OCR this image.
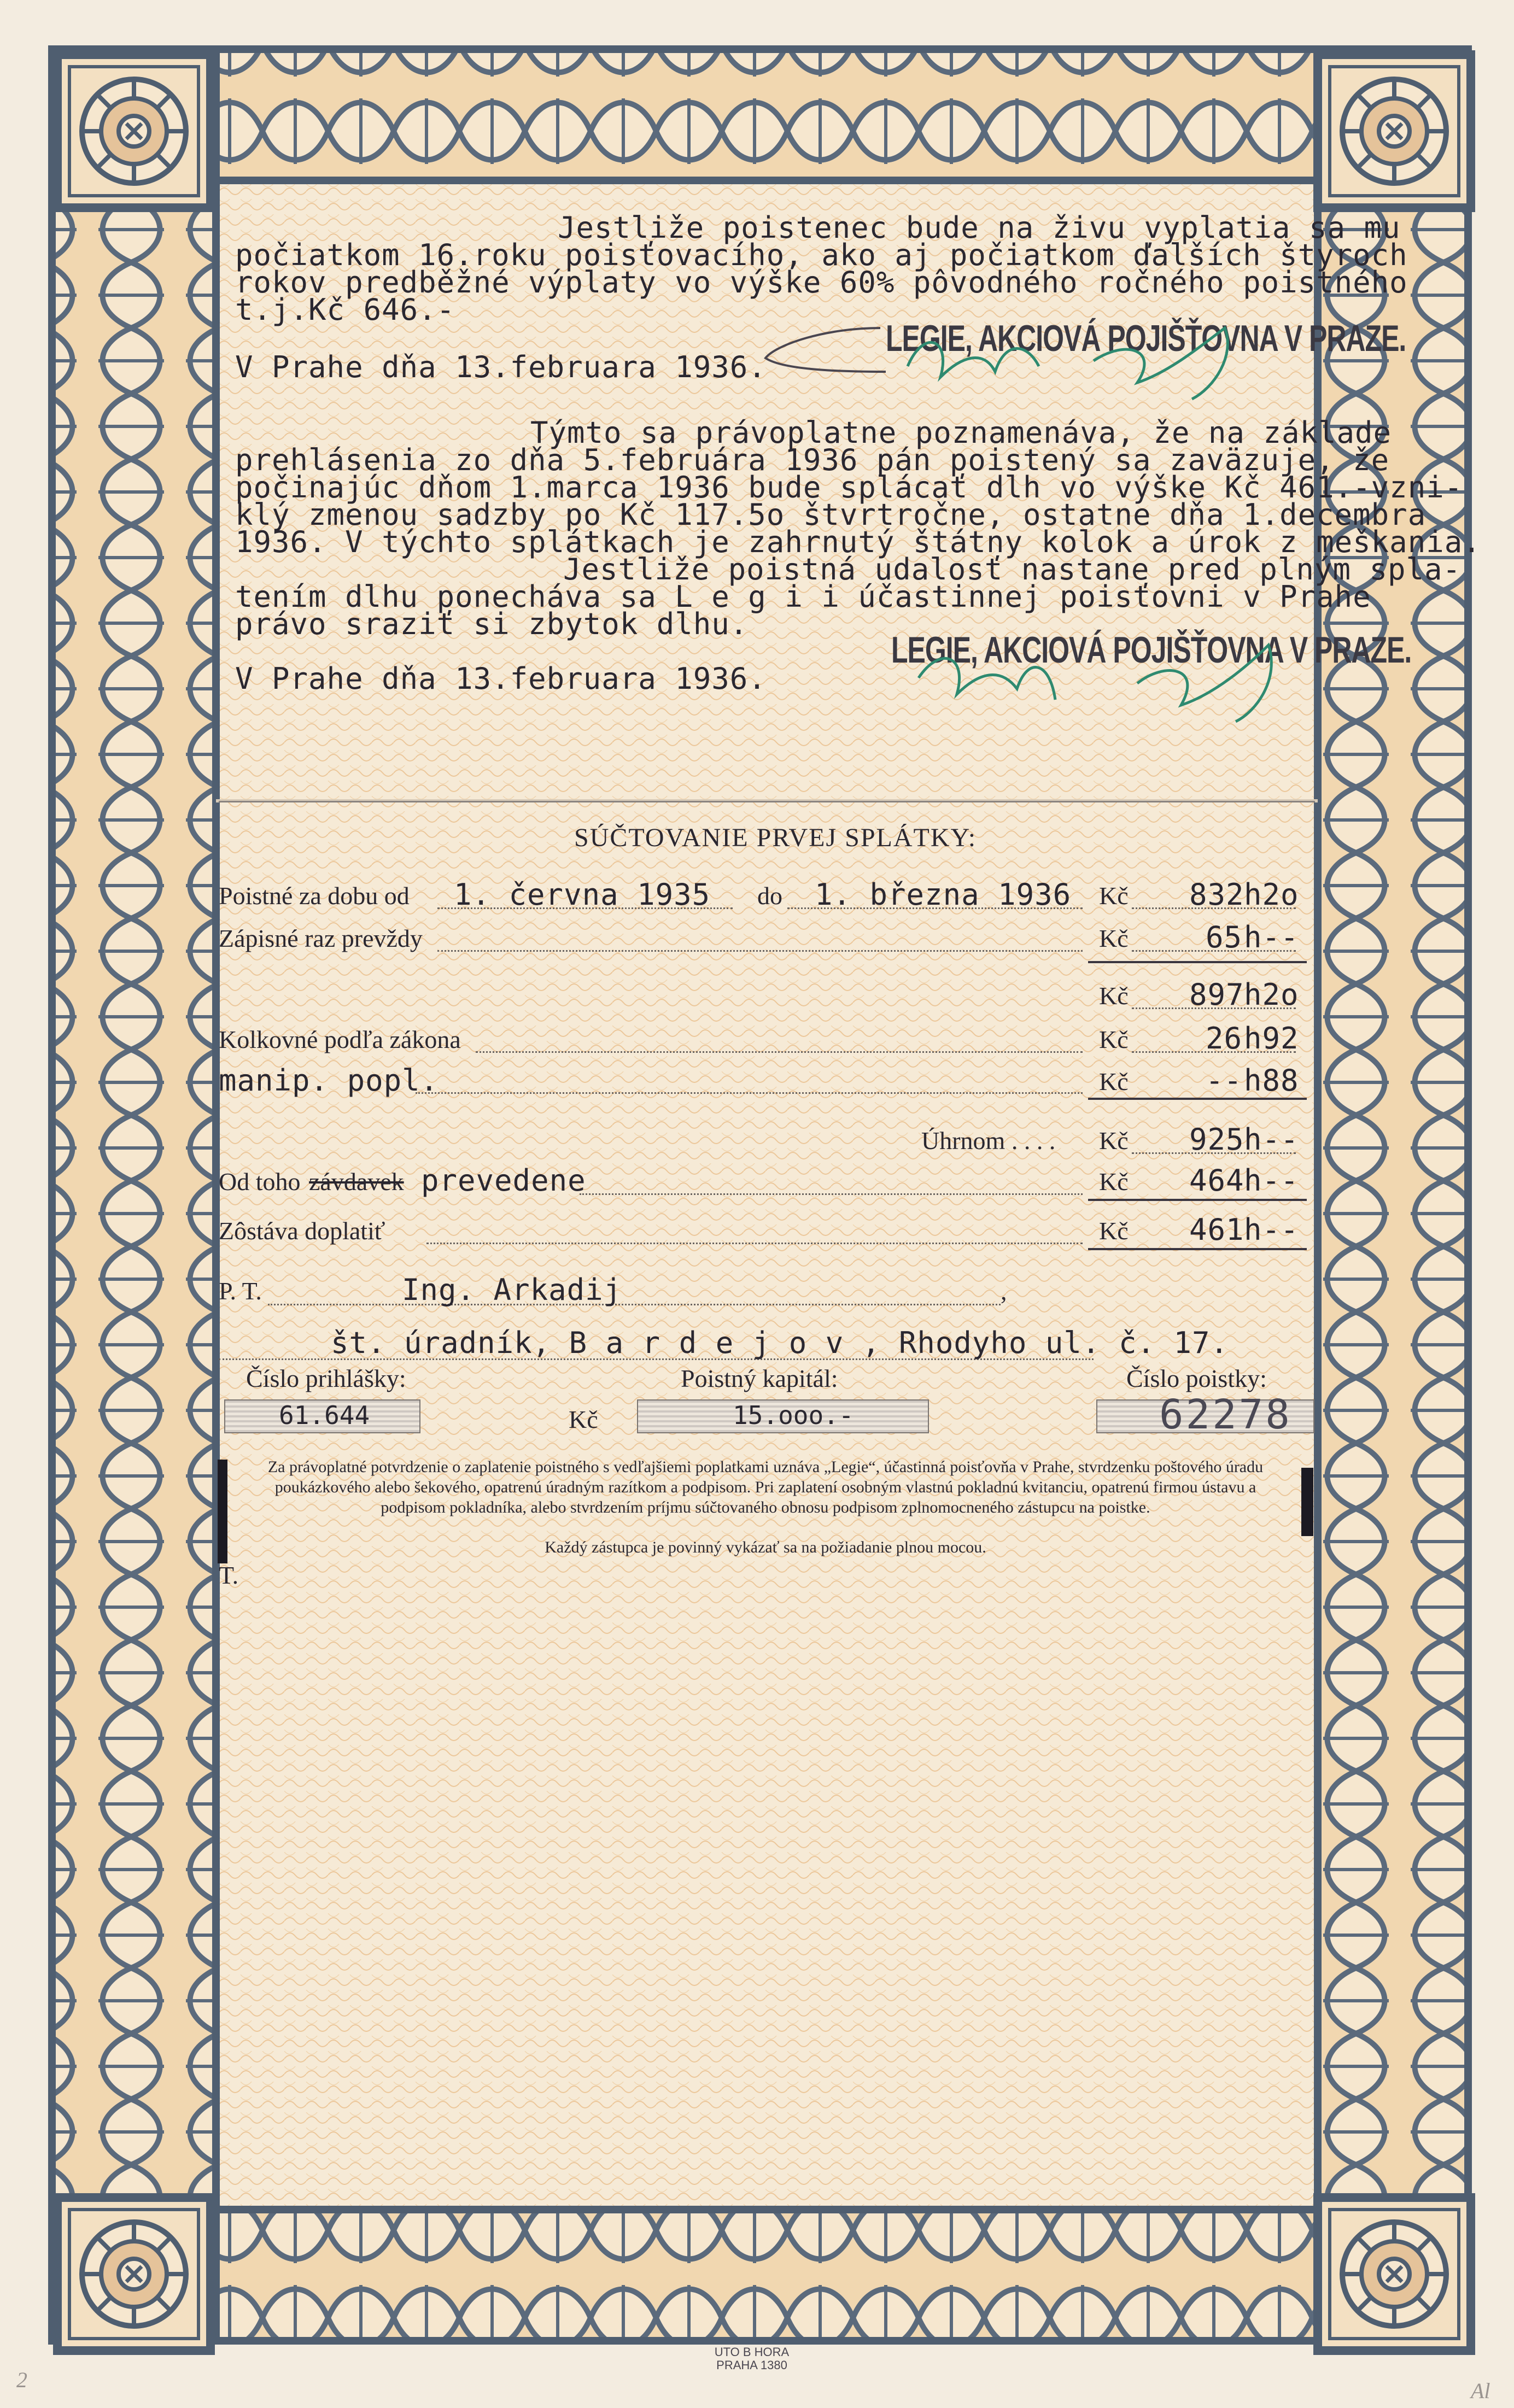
Jestliže poistenec bude na živu vyplatia sa mu
počiatkom 16.roku poisťovacího, ako aj počiatkom ďalších štyroch
rokov predběžné výplaty vo výške 60% pôvodného ročného poistného
t.j.Kč 646.-
V Prahe dňa 13.februara 1936.
LEGIE, AKCIOVÁ POJIŠŤOVNA V PRAZE.
Týmto sa právoplatne poznamenáva, že na základe
prehlásenia zo dňa 5.februára 1936 pán poistený sa zaväzuje, že
počinajúc dňom 1.marca 1936 bude splácať dlh vo výške Kč 461.-vzni-
klý zmenou sadzby po Kč 117.5o štvrtročne, ostatne dňa 1.decembra
1936. V týchto splátkach je zahrnutý štátny kolok a úrok z meškania.
Jestliže poistná udalosť nastane pred plným spla-
tením dlhu ponecháva sa L e g i i účastinnej poisťovni v Prahe
právo sraziť si zbytok dlhu.
V Prahe dňa 13.februara 1936.
LEGIE, AKCIOVÁ POJIŠŤOVNA V PRAZE.
SÚČTOVANIE PRVEJ SPLÁTKY:
Poistné za dobu od 1. června 1935 do 1. března 1936 Kč 832 h2o
Zápisné raz prevždy	Kč	65 h--
Kč 897 h2o
Kolkovné podľa zákona	Kč	26 h92
manip. popl.	Kč	-- h88
Úhrnom . . . . Kč 925 h--
Od toho závdavek prevedene	Kč 464 h--
Zôstáva doplatiť	Kč 461 h--
P. T.	Ing. Arkadij	,
št. úradník, B a r d e j o v , Rhodyho ul. č. 17.
Číslo prihlášky:	Poistný kapitál:	Číslo poistky:
61.644	Kč	15.ooo.-	62278
Za právoplatné potvrdzenie o zaplatenie poistného s vedľajšiemi poplatkami uznáva „Legie“, účastinná poisťovňa v Prahe, stvrdzenku poštového úradu poukázkového alebo šekového, opatrenú úradným razítkom a podpisom. Pri zaplatení osobným vlastnú pokladnú kvitanciu, opatrenú firmou ústavu a podpisom pokladníka, alebo stvrdzením príjmu súčtovaného obnosu podpisom zplnomocneného zástupcu na poistke.
Každý zástupca je povinný vykázať sa na požiadanie plnou mocou.
T.
UTO B HORA
PRAHA 1380
2	Al
